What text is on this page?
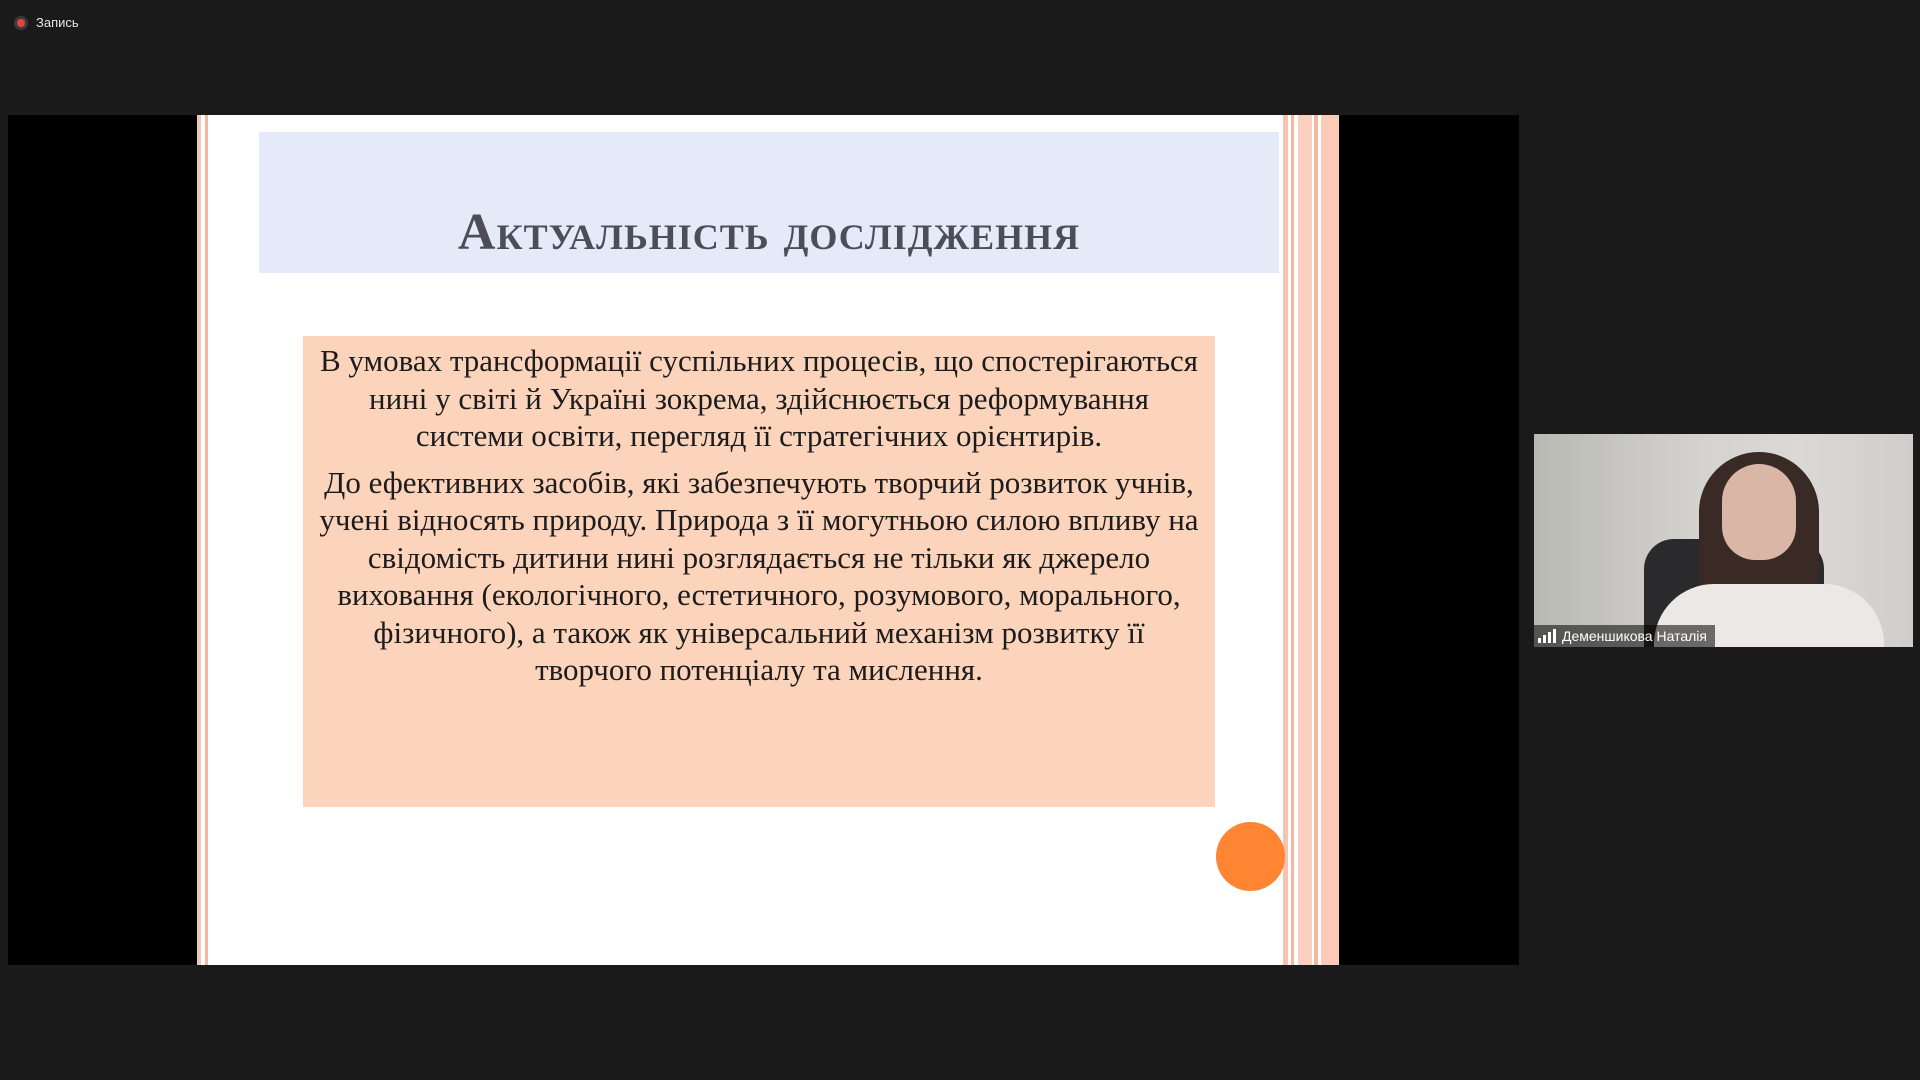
Запись
Актуальність дослідження

В умовах трансформації суспільних процесів, що спостерігаються нині у світі й Україні зокрема, здійснюється реформування системи освіти, перегляд її стратегічних орієнтирів.

До ефективних засобів, які забезпечують творчий розвиток учнів, учені відносять природу. Природа з її могутньою силою впливу на свідомість дитини нині розглядається не тільки як джерело виховання (екологічного, естетичного, розумового, морального, фізичного), а також як універсальний механізм розвитку її творчого потенціалу та мислення.

Деменшикова Наталія
